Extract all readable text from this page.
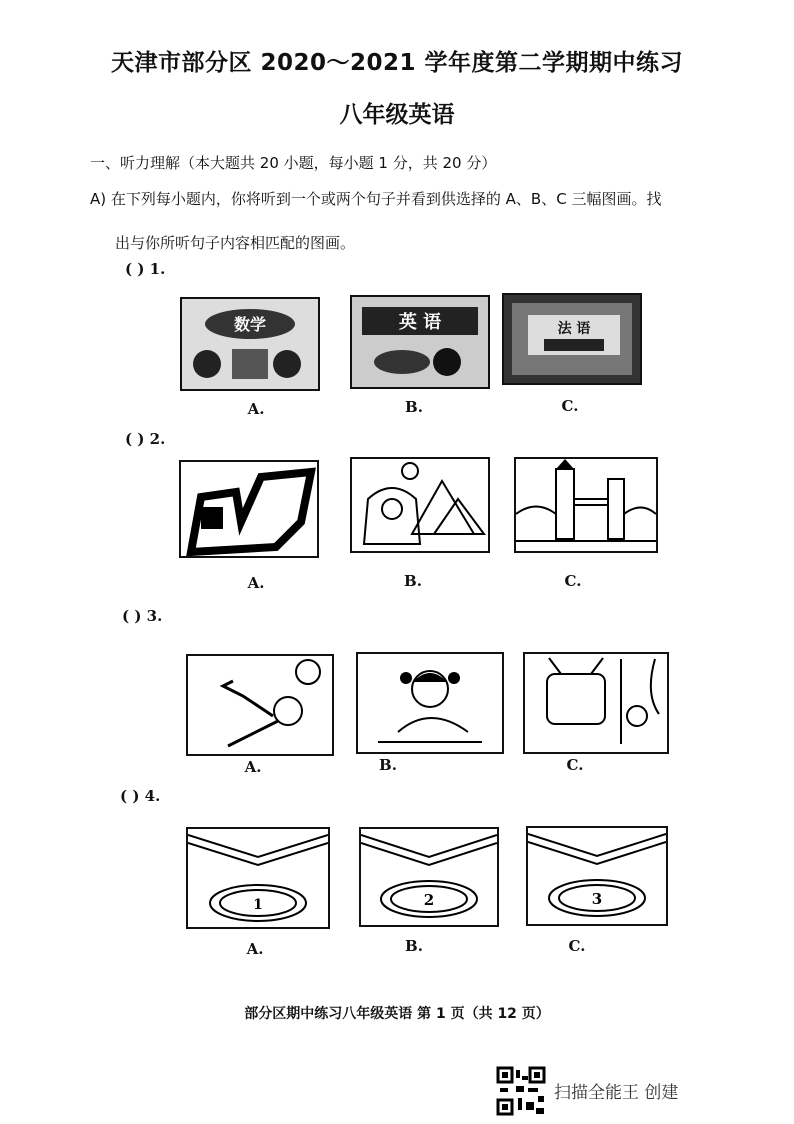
天津市部分区 2020～2021 学年度第二学期期中练习
八年级英语
一、听力理解（本大题共 20 小题，每小题 1 分，共 20 分）
A) 在下列每小题内，你将听到一个或两个句子并看到供选择的 A、B、C 三幅图画。找
出与你所听句子内容相匹配的图画。
( ) 1.
数学	英 语	法 语
A.	B.	C.
( ) 2.
A.	B.	C.
( ) 3.
A.	B.	C.
( ) 4.
1	2	3
A.	B.	C.
部分区期中练习八年级英语 第 1 页（共 12 页）
扫描全能王 创建
